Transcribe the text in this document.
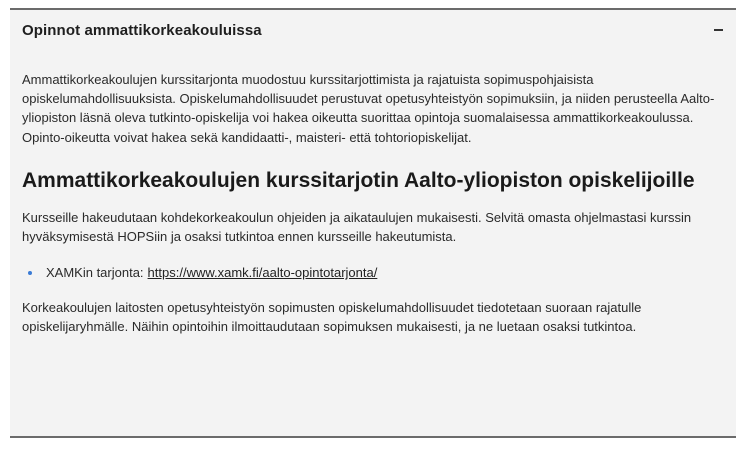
Opinnot ammattikorkeakouluissa

Ammattikorkeakoulujen kurssitarjonta muodostuu kurssitarjottimista ja rajatuista sopimuspohjaisista opiskelumahdollisuuksista. Opiskelumahdollisuudet perustuvat opetusyhteistyön sopimuksiin, ja niiden perusteella Aalto-yliopiston läsnä oleva tutkinto-opiskelija voi hakea oikeutta suorittaa opintoja suomalaisessa ammattikorkeakoulussa. Opinto-oikeutta voivat hakea sekä kandidaatti-, maisteri- että tohtoriopiskelijat.

Ammattikorkeakoulujen kurssitarjotin Aalto-yliopiston opiskelijoille

Kursseille hakeudutaan kohdekorkeakoulun ohjeiden ja aikataulujen mukaisesti. Selvitä omasta ohjelmastasi kurssin hyväksymisestä HOPSiin ja osaksi tutkintoa ennen kursseille hakeutumista.

XAMKin tarjonta: https://www.xamk.fi/aalto-opintotarjonta/

Korkeakoulujen laitosten opetusyhteistyön sopimusten opiskelumahdollisuudet tiedotetaan suoraan rajatulle opiskelijaryhmälle. Näihin opintoihin ilmoittaudutaan sopimuksen mukaisesti, ja ne luetaan osaksi tutkintoa.
